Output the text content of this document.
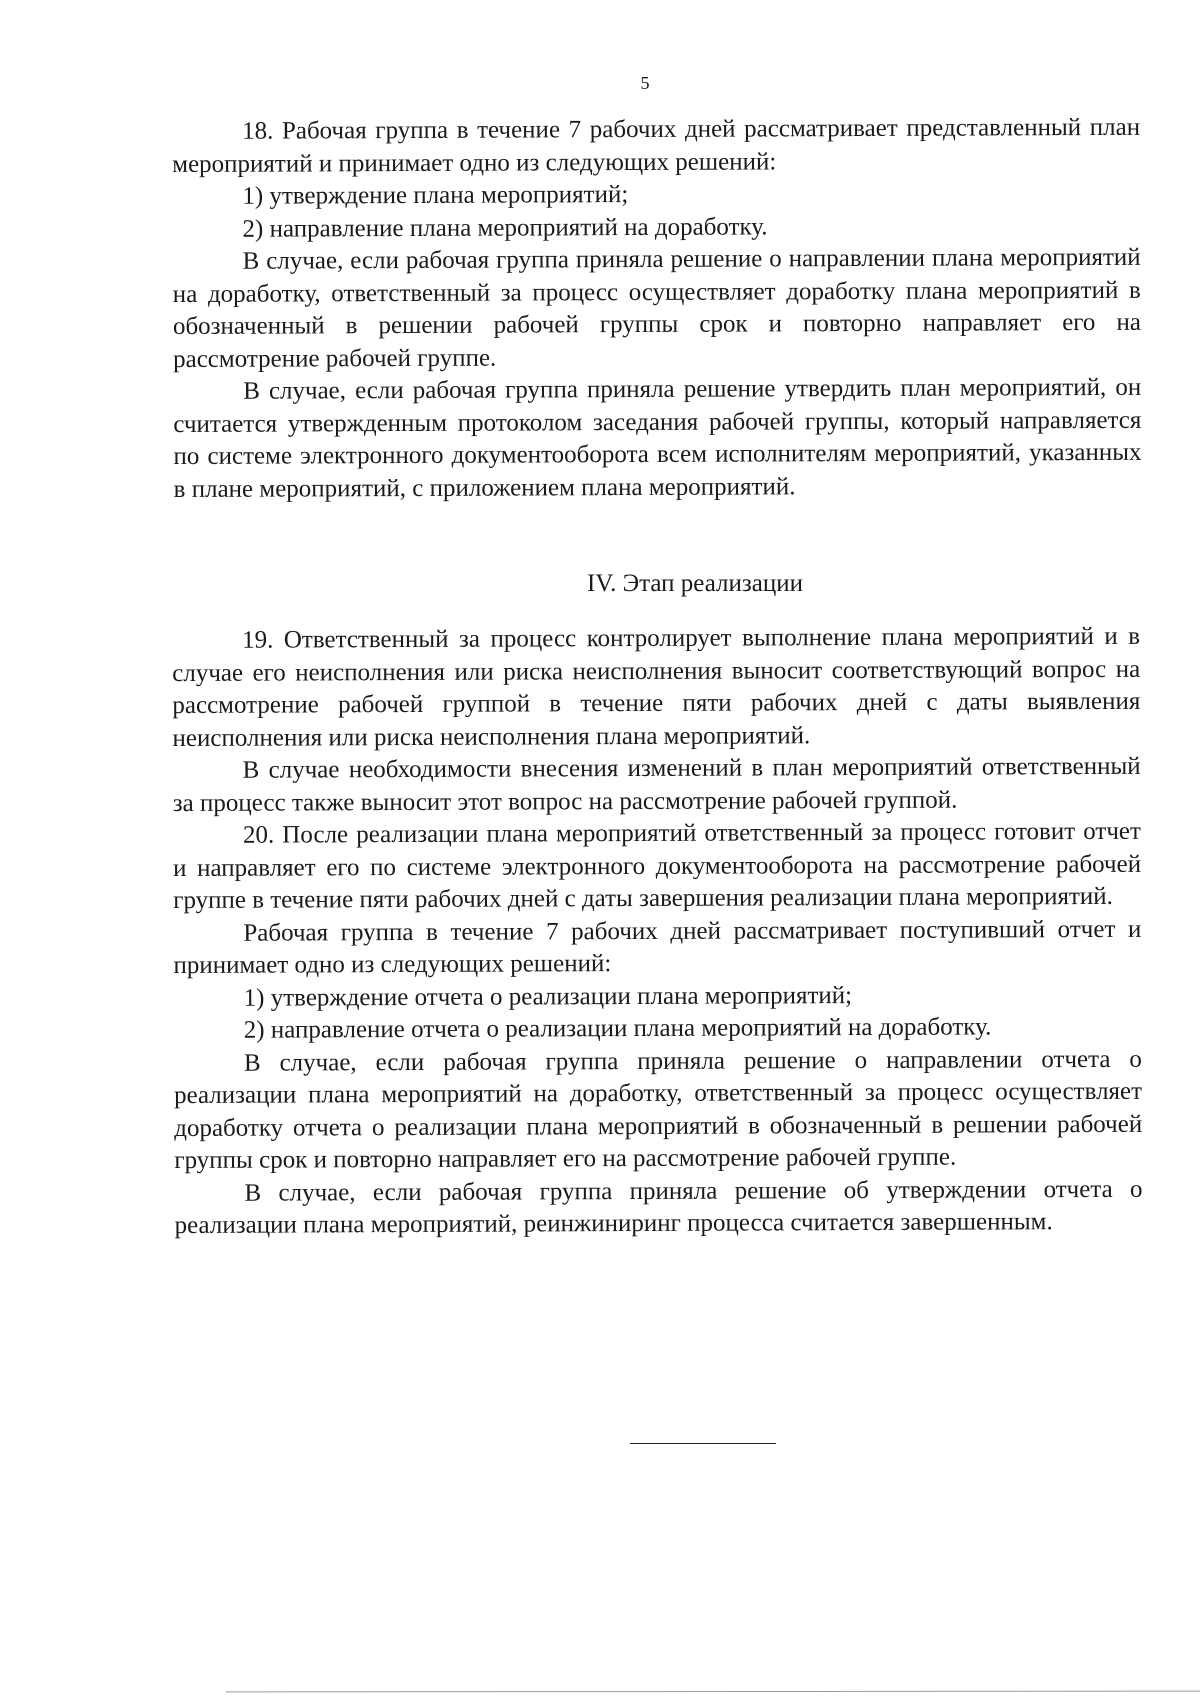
5

18. Рабочая группа в течение 7 рабочих дней рассматривает представленный план мероприятий и принимает одно из следующих решений:

1) утверждение плана мероприятий;

2) направление плана мероприятий на доработку.

В случае, если рабочая группа приняла решение о направлении плана мероприятий на доработку, ответственный за процесс осуществляет доработку плана мероприятий в обозначенный в решении рабочей группы срок и повторно направляет его на рассмотрение рабочей группе.

В случае, если рабочая группа приняла решение утвердить план мероприятий, он считается утвержденным протоколом заседания рабочей группы, который направляется по системе электронного документооборота всем исполнителям мероприятий, указанных в плане мероприятий, с приложением плана мероприятий.

IV. Этап реализации

19. Ответственный за процесс контролирует выполнение плана мероприятий и в случае его неисполнения или риска неисполнения выносит соответствующий вопрос на рассмотрение рабочей группой в течение пяти рабочих дней с даты выявления неисполнения или риска неисполнения плана мероприятий.

В случае необходимости внесения изменений в план мероприятий ответственный за процесс также выносит этот вопрос на рассмотрение рабочей группой.

20. После реализации плана мероприятий ответственный за процесс готовит отчет и направляет его по системе электронного документооборота на рассмотрение рабочей группе в течение пяти рабочих дней с даты завершения реализации плана мероприятий.

Рабочая группа в течение 7 рабочих дней рассматривает поступивший отчет и принимает одно из следующих решений:

1) утверждение отчета о реализации плана мероприятий;

2) направление отчета о реализации плана мероприятий на доработку.

В случае, если рабочая группа приняла решение о направлении отчета о реализации плана мероприятий на доработку, ответственный за процесс осуществляет доработку отчета о реализации плана мероприятий в обозначенный в решении рабочей группы срок и повторно направляет его на рассмотрение рабочей группе.

В случае, если рабочая группа приняла решение об утверждении отчета о реализации плана мероприятий, реинжиниринг процесса считается завершенным.
